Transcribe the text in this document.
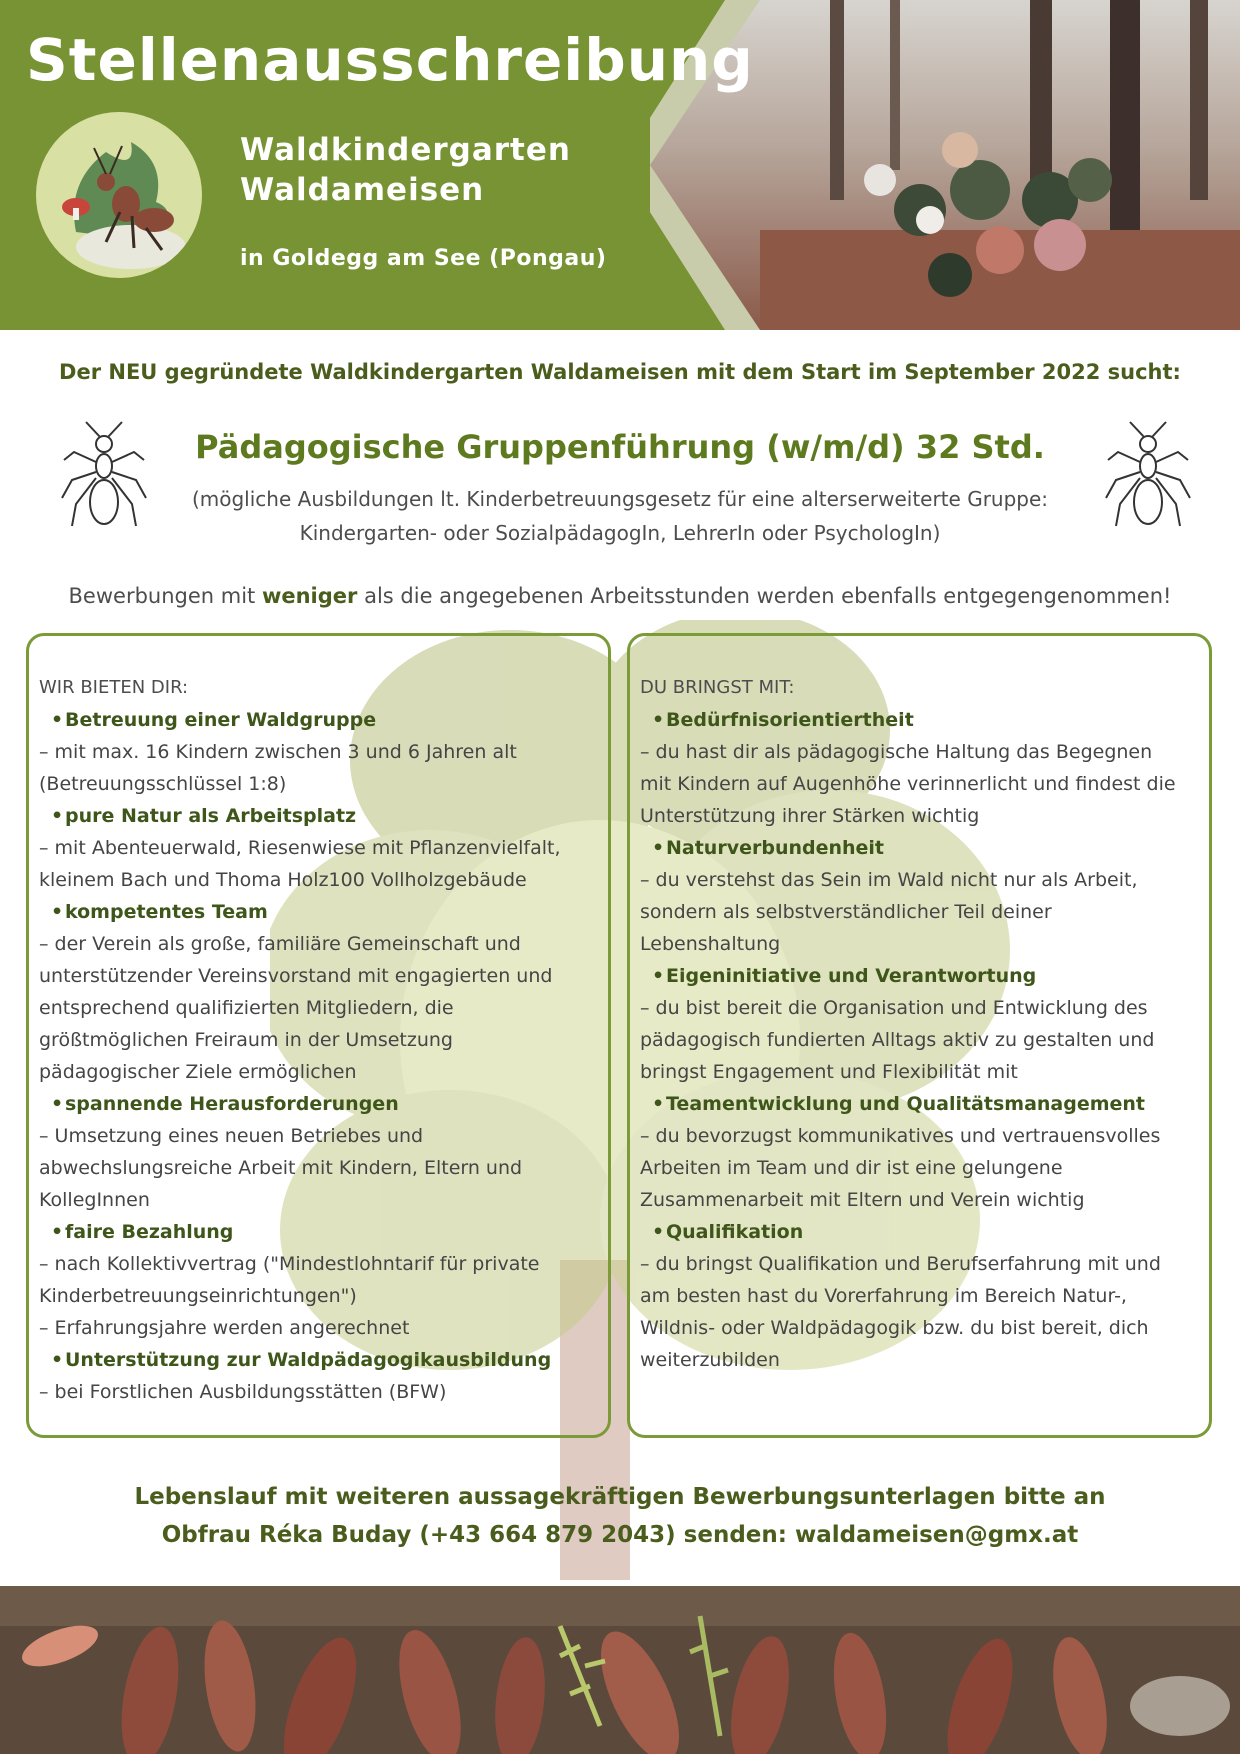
Stellenausschreibung
Waldkindergarten
Waldameisen
in Goldegg am See (Pongau)
Der NEU gegründete Waldkindergarten Waldameisen mit dem Start im September 2022 sucht:
Pädagogische Gruppenführung (w/m/d) 32 Std.
(mögliche Ausbildungen lt. Kinderbetreuungsgesetz für eine alterserweiterte Gruppe:
Kindergarten- oder SozialpädagogIn, LehrerIn oder PsychologIn)
Bewerbungen mit weniger als die angegebenen Arbeitsstunden werden ebenfalls entgegengenommen!
WIR BIETEN DIR:
• Betreuung einer Waldgruppe
– mit max. 16 Kindern zwischen 3 und 6 Jahren alt
(Betreuungsschlüssel 1:8)
• pure Natur als Arbeitsplatz
– mit Abenteuerwald, Riesenwiese mit Pflanzenvielfalt,
kleinem Bach und Thoma Holz100 Vollholzgebäude
• kompetentes Team
– der Verein als große, familiäre Gemeinschaft und
unterstützender Vereinsvorstand mit engagierten und
entsprechend qualifizierten Mitgliedern, die
größtmöglichen Freiraum in der Umsetzung
pädagogischer Ziele ermöglichen
• spannende Herausforderungen
– Umsetzung eines neuen Betriebes und
abwechslungsreiche Arbeit mit Kindern, Eltern und
KollegInnen
• faire Bezahlung
– nach Kollektivvertrag ("Mindestlohntarif für private
Kinderbetreuungseinrichtungen")
– Erfahrungsjahre werden angerechnet
• Unterstützung zur Waldpädagogikausbildung
– bei Forstlichen Ausbildungsstätten (BFW)
DU BRINGST MIT:
• Bedürfnisorientiertheit
– du hast dir als pädagogische Haltung das Begegnen
mit Kindern auf Augenhöhe verinnerlicht und findest die
Unterstützung ihrer Stärken wichtig
• Naturverbundenheit
– du verstehst das Sein im Wald nicht nur als Arbeit,
sondern als selbstverständlicher Teil deiner
Lebenshaltung
• Eigeninitiative und Verantwortung
– du bist bereit die Organisation und Entwicklung des
pädagogisch fundierten Alltags aktiv zu gestalten und
bringst Engagement und Flexibilität mit
• Teamentwicklung und Qualitätsmanagement
– du bevorzugst kommunikatives und vertrauensvolles
Arbeiten im Team und dir ist eine gelungene
Zusammenarbeit mit Eltern und Verein wichtig
• Qualifikation
– du bringst Qualifikation und Berufserfahrung mit und
am besten hast du Vorerfahrung im Bereich Natur-,
Wildnis- oder Waldpädagogik bzw. du bist bereit, dich
weiterzubilden
Lebenslauf mit weiteren aussagekräftigen Bewerbungsunterlagen bitte an
Obfrau Réka Buday (+43 664 879 2043) senden: waldameisen@gmx.at
